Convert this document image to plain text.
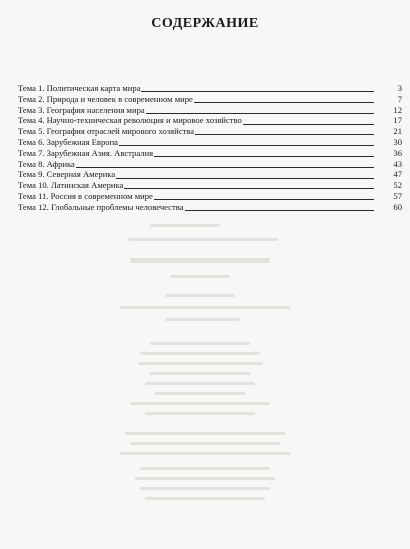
СОДЕРЖАНИЕ
Тема 1. Политическая карта мира	3
Тема 2. Природа и человек в современном мире	7
Тема 3. География населения мира	12
Тема 4. Научно-техническая революция и мировое хозяйство	17
Тема 5. География отраслей мирового хозяйства	21
Тема 6. Зарубежная Европа	30
Тема 7. Зарубежная Азия. Австралия	36
Тема 8. Африка	43
Тема 9. Северная Америка	47
Тема 10. Латинская Америка	52
Тема 11. Россия в современном мире	57
Тема 12. Глобальные проблемы человечества	60
